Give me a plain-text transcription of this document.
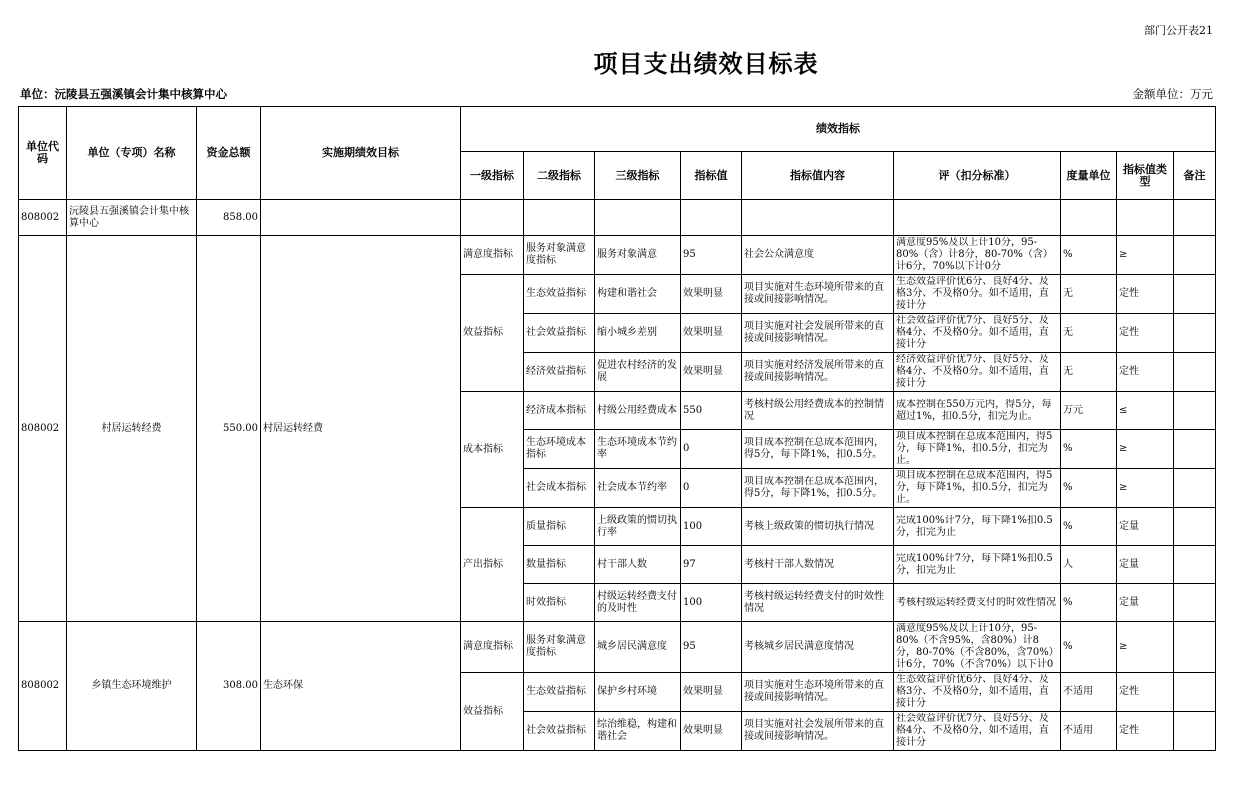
部门公开表21
项目支出绩效目标表
单位：沅陵县五强溪镇会计集中核算中心	金额单位：万元
单位代码	单位（专项）名称	资金总额	实施期绩效目标	绩效指标								
				一级指标	二级指标	三级指标	指标值	指标值内容	评（扣分标准）	度量单位	指标值类型	备注
808002	沅陵县五强溪镇会计集中核算中心	858.00										
808002	村居运转经费	550.00	村居运转经费	满意度指标	服务对象满意度指标	服务对象满意	95	社会公众满意度	满意度95%及以上计10分，95-80%（含）计8分，80-70%（含）计6分，70%以下计0分	%	≥	
				效益指标	生态效益指标	构建和谐社会	效果明显	项目实施对生态环境所带来的直接或间接影响情况。	生态效益评价优6分、良好4分、及格3分、不及格0分。如不适用，直接计分	无	定性	
					社会效益指标	缩小城乡差别	效果明显	项目实施对社会发展所带来的直接或间接影响情况。	社会效益评价优7分、良好5分、及格4分、不及格0分。如不适用，直接计分	无	定性	
					经济效益指标	促进农村经济的发展	效果明显	项目实施对经济发展所带来的直接或间接影响情况。	经济效益评价优7分、良好5分、及格4分、不及格0分。如不适用，直接计分	无	定性	
				成本指标	经济成本指标	村级公用经费成本	550	考核村级公用经费成本的控制情况	成本控制在550万元内，得5分，每超过1%，扣0.5分，扣完为止。	万元	≤	
					生态环境成本指标	生态环境成本节约率	0	项目成本控制在总成本范围内，得5分，每下降1%，扣0.5分。	项目成本控制在总成本范围内，得5分，每下降1%，扣0.5分，扣完为止。	%	≥	
					社会成本指标	社会成本节约率	0	项目成本控制在总成本范围内，得5分，每下降1%，扣0.5分。	项目成本控制在总成本范围内，得5分，每下降1%，扣0.5分，扣完为止。	%	≥	
				产出指标	质量指标	上级政策的惯切执行率	100	考核上级政策的惯切执行情况	完成100%计7分，每下降1%扣0.5分，扣完为止	%	定量	
					数量指标	村干部人数	97	考核村干部人数情况	完成100%计7分，每下降1%扣0.5分，扣完为止	人	定量	
					时效指标	村级运转经费支付的及时性	100	考核村级运转经费支付的时效性情况	考核村级运转经费支付的时效性情况	%	定量	
808002	乡镇生态环境维护	308.00	生态环保	满意度指标	服务对象满意度指标	城乡居民满意度	95	考核城乡居民满意度情况	满意度95%及以上计10分，95-80%（不含95%，含80%）计8分，80-70%（不含80%，含70%）计6分，70%（不含70%）以下计0	%	≥	
				效益指标	生态效益指标	保护乡村环境	效果明显	项目实施对生态环境所带来的直接或间接影响情况。	生态效益评价优6分、良好4分、及格3分、不及格0分，如不适用，直接计分	不适用	定性	
					社会效益指标	综治维稳，构建和谐社会	效果明显	项目实施对社会发展所带来的直接或间接影响情况。	社会效益评价优7分、良好5分、及格4分、不及格0分，如不适用，直接计分	不适用	定性	
